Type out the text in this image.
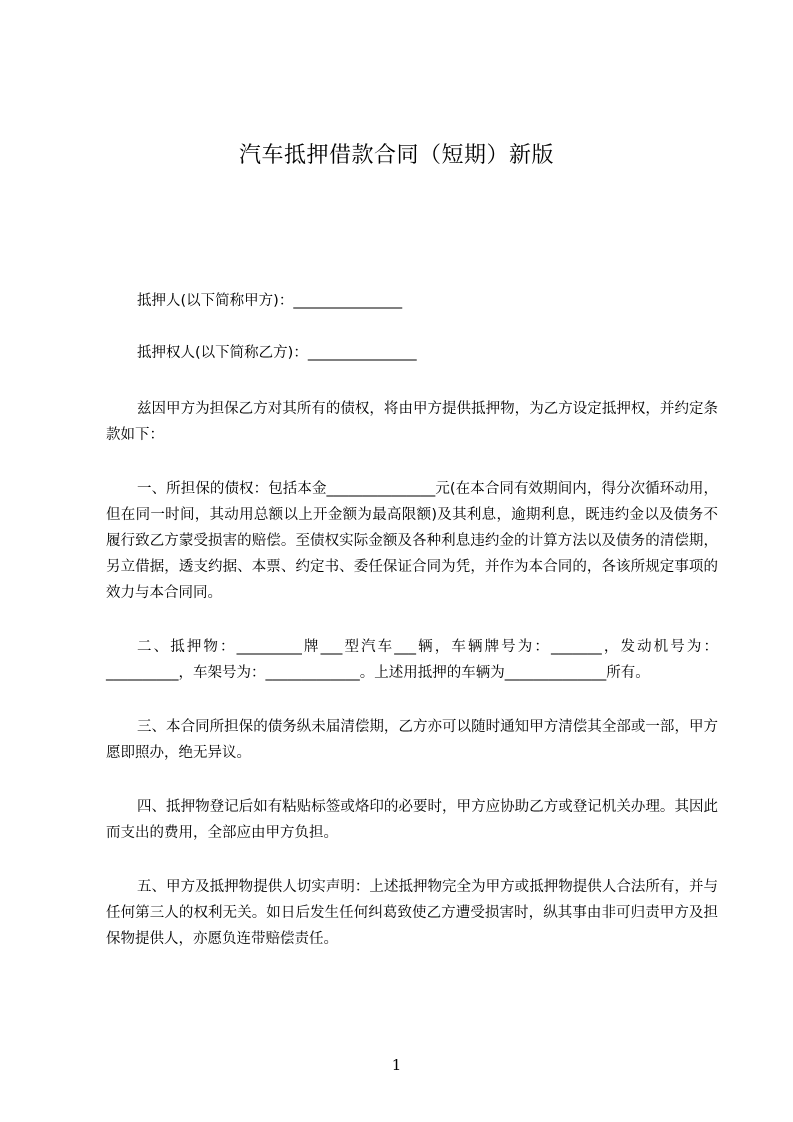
汽车抵押借款合同（短期）新版
抵押人(以下简称甲方)：_______________
抵押权人(以下简称乙方)：_______________
兹因甲方为担保乙方对其所有的债权，将由甲方提供抵押物，为乙方设定抵押权，并约定条款如下：
一、所担保的债权：包括本金_______________元(在本合同有效期间内，得分次循环动用，但在同一时间，其动用总额以上开金额为最高限额)及其利息，逾期利息，既违约金以及债务不履行致乙方蒙受损害的赔偿。至债权实际金额及各种利息违约金的计算方法以及债务的清偿期，另立借据，透支约据、本票、约定书、委任保证合同为凭，并作为本合同的，各该所规定事项的效力与本合同同。
二、抵押物：_________牌___型汽车___辆，车辆牌号为：_______，发动机号为：__________，车架号为：_____________。上述用抵押的车辆为______________所有。
三、本合同所担保的债务纵未届清偿期，乙方亦可以随时通知甲方清偿其全部或一部，甲方愿即照办，绝无异议。
四、抵押物登记后如有粘贴标签或烙印的必要时，甲方应协助乙方或登记机关办理。其因此而支出的费用，全部应由甲方负担。
五、甲方及抵押物提供人切实声明：上述抵押物完全为甲方或抵押物提供人合法所有，并与任何第三人的权利无关。如日后发生任何纠葛致使乙方遭受损害时，纵其事由非可归责甲方及担保物提供人，亦愿负连带赔偿责任。
1
